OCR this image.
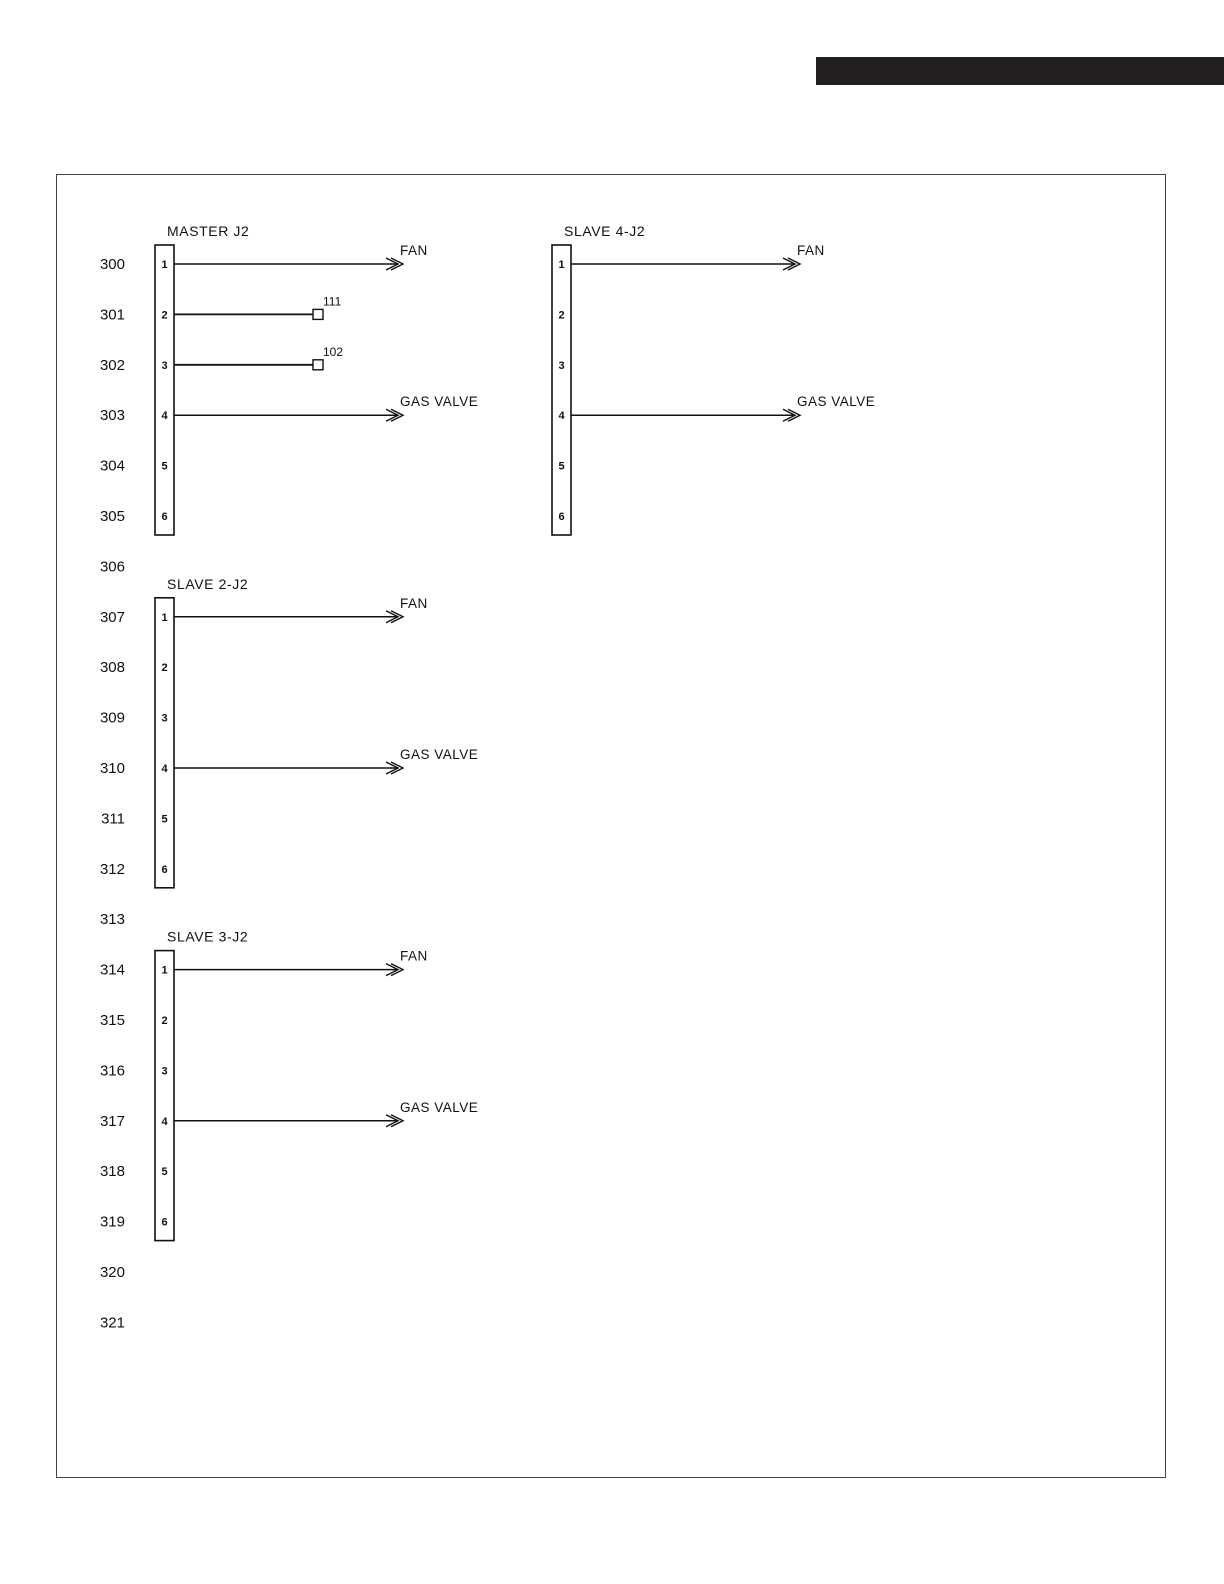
300
301
302
303
304
305
306
307
308
309
310
311
312
313
314
315
316
317
318
319
320
321
MASTER J2
1
2
3
4
5
6
FAN
111
102
GAS VALVE
SLAVE 4-J2
1
2
3
4
5
6
FAN
GAS VALVE
SLAVE 2-J2
1
2
3
4
5
6
FAN
GAS VALVE
SLAVE 3-J2
1
2
3
4
5
6
FAN
GAS VALVE
